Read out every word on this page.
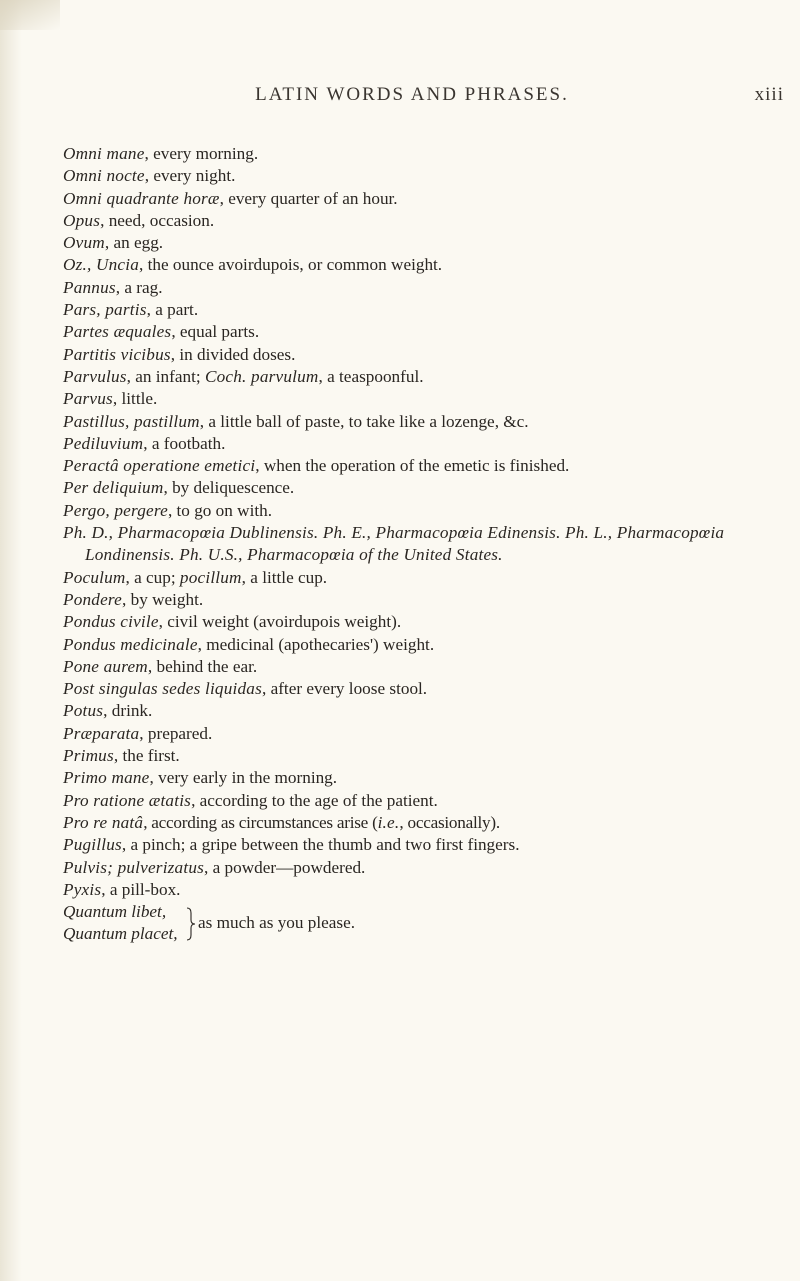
LATIN WORDS AND PHRASES.	xiii

Omni mane, every morning.

Omni nocte, every night.

Omni quadrante horæ, every quarter of an hour.

Opus, need, occasion.

Ovum, an egg.

Oz., Uncia, the ounce avoirdupois, or common weight.

Pannus, a rag.

Pars, partis, a part.

Partes æquales, equal parts.

Partitis vicibus, in divided doses.

Parvulus, an infant; Coch. parvulum, a teaspoonful.

Parvus, little.

Pastillus, pastillum, a little ball of paste, to take like a lozenge, &c.

Pediluvium, a footbath.

Peractâ operatione emetici, when the operation of the emetic is finished.

Per deliquium, by deliquescence.

Pergo, pergere, to go on with.

Ph. D., Pharmacopœia Dublinensis. Ph. E., Pharmacopœia Edinensis. Ph. L., Pharmacopœia Londinensis. Ph. U.S., Pharmacopœia of the United States.

Poculum, a cup; pocillum, a little cup.

Pondere, by weight.

Pondus civile, civil weight (avoirdupois weight).

Pondus medicinale, medicinal (apothecaries') weight.

Pone aurem, behind the ear.

Post singulas sedes liquidas, after every loose stool.

Potus, drink.

Præparata, prepared.

Primus, the first.

Primo mane, very early in the morning.

Pro ratione ætatis, according to the age of the patient.

Pro re natâ, according as circumstances arise (i.e., occasionally).

Pugillus, a pinch; a gripe between the thumb and two first fingers.

Pulvis; pulverizatus, a powder—powdered.

Pyxis, a pill-box.

Quantum libet,
Quantum placet,
as much as you please.
